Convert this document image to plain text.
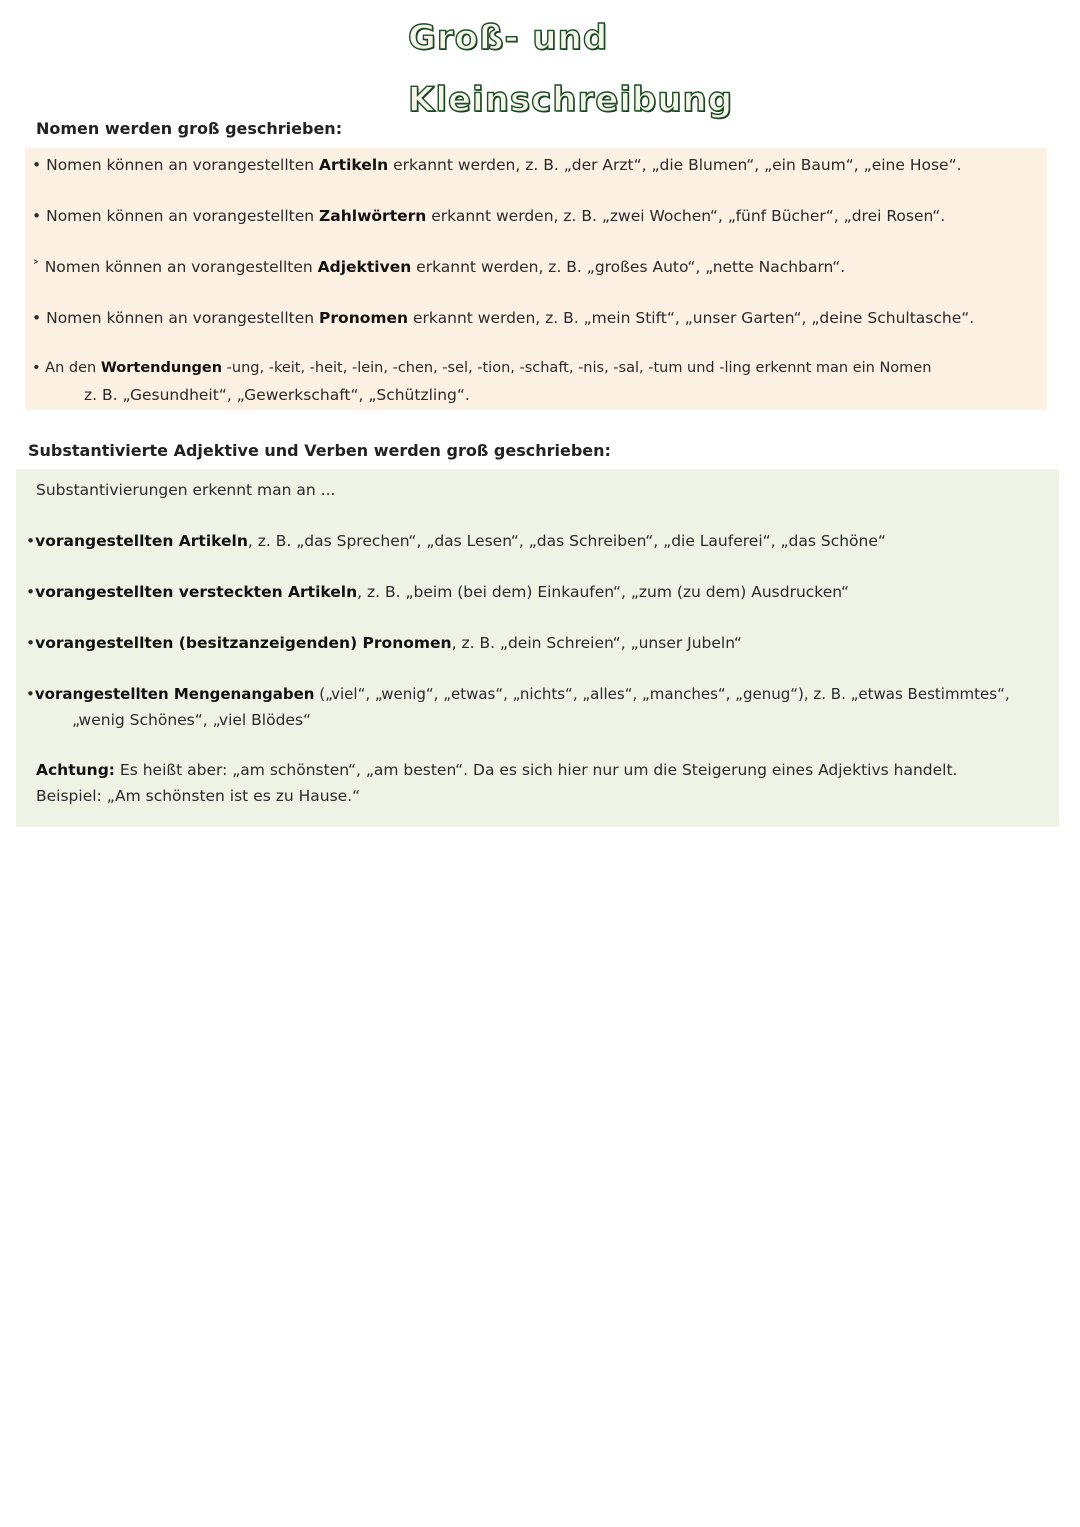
Groß- und
Kleinschreibung
Nomen werden groß geschrieben:
• Nomen können an vorangestellten Artikeln erkannt werden, z. B. „der Arzt“, „die Blumen“, „ein Baum“, „eine Hose“.
• Nomen können an vorangestellten Zahlwörtern erkannt werden, z. B. „zwei Wochen“, „fünf Bücher“, „drei Rosen“.
˃ Nomen können an vorangestellten Adjektiven erkannt werden, z. B. „großes Auto“, „nette Nachbarn“.
• Nomen können an vorangestellten Pronomen erkannt werden, z. B. „mein Stift“, „unser Garten“, „deine Schultasche“.
• An den Wortendungen -ung, -keit, -heit, -lein, -chen, -sel, -tion, -schaft, -nis, -sal, -tum und -ling erkennt man ein Nomen
z. B. „Gesundheit“, „Gewerkschaft“, „Schützling“.
Substantivierte Adjektive und Verben werden groß geschrieben:
Substantivierungen erkennt man an ...
•vorangestellten Artikeln, z. B. „das Sprechen“, „das Lesen“, „das Schreiben“, „die Lauferei“, „das Schöne“
•vorangestellten versteckten Artikeln, z. B. „beim (bei dem) Einkaufen“, „zum (zu dem) Ausdrucken“
•vorangestellten (besitzanzeigenden) Pronomen, z. B. „dein Schreien“, „unser Jubeln“
•vorangestellten Mengenangaben („viel“, „wenig“, „etwas“, „nichts“, „alles“, „manches“, „genug“), z. B. „etwas Bestimmtes“,
„wenig Schönes“, „viel Blödes“
Achtung: Es heißt aber: „am schönsten“, „am besten“. Da es sich hier nur um die Steigerung eines Adjektivs handelt.
Beispiel: „Am schönsten ist es zu Hause.“
